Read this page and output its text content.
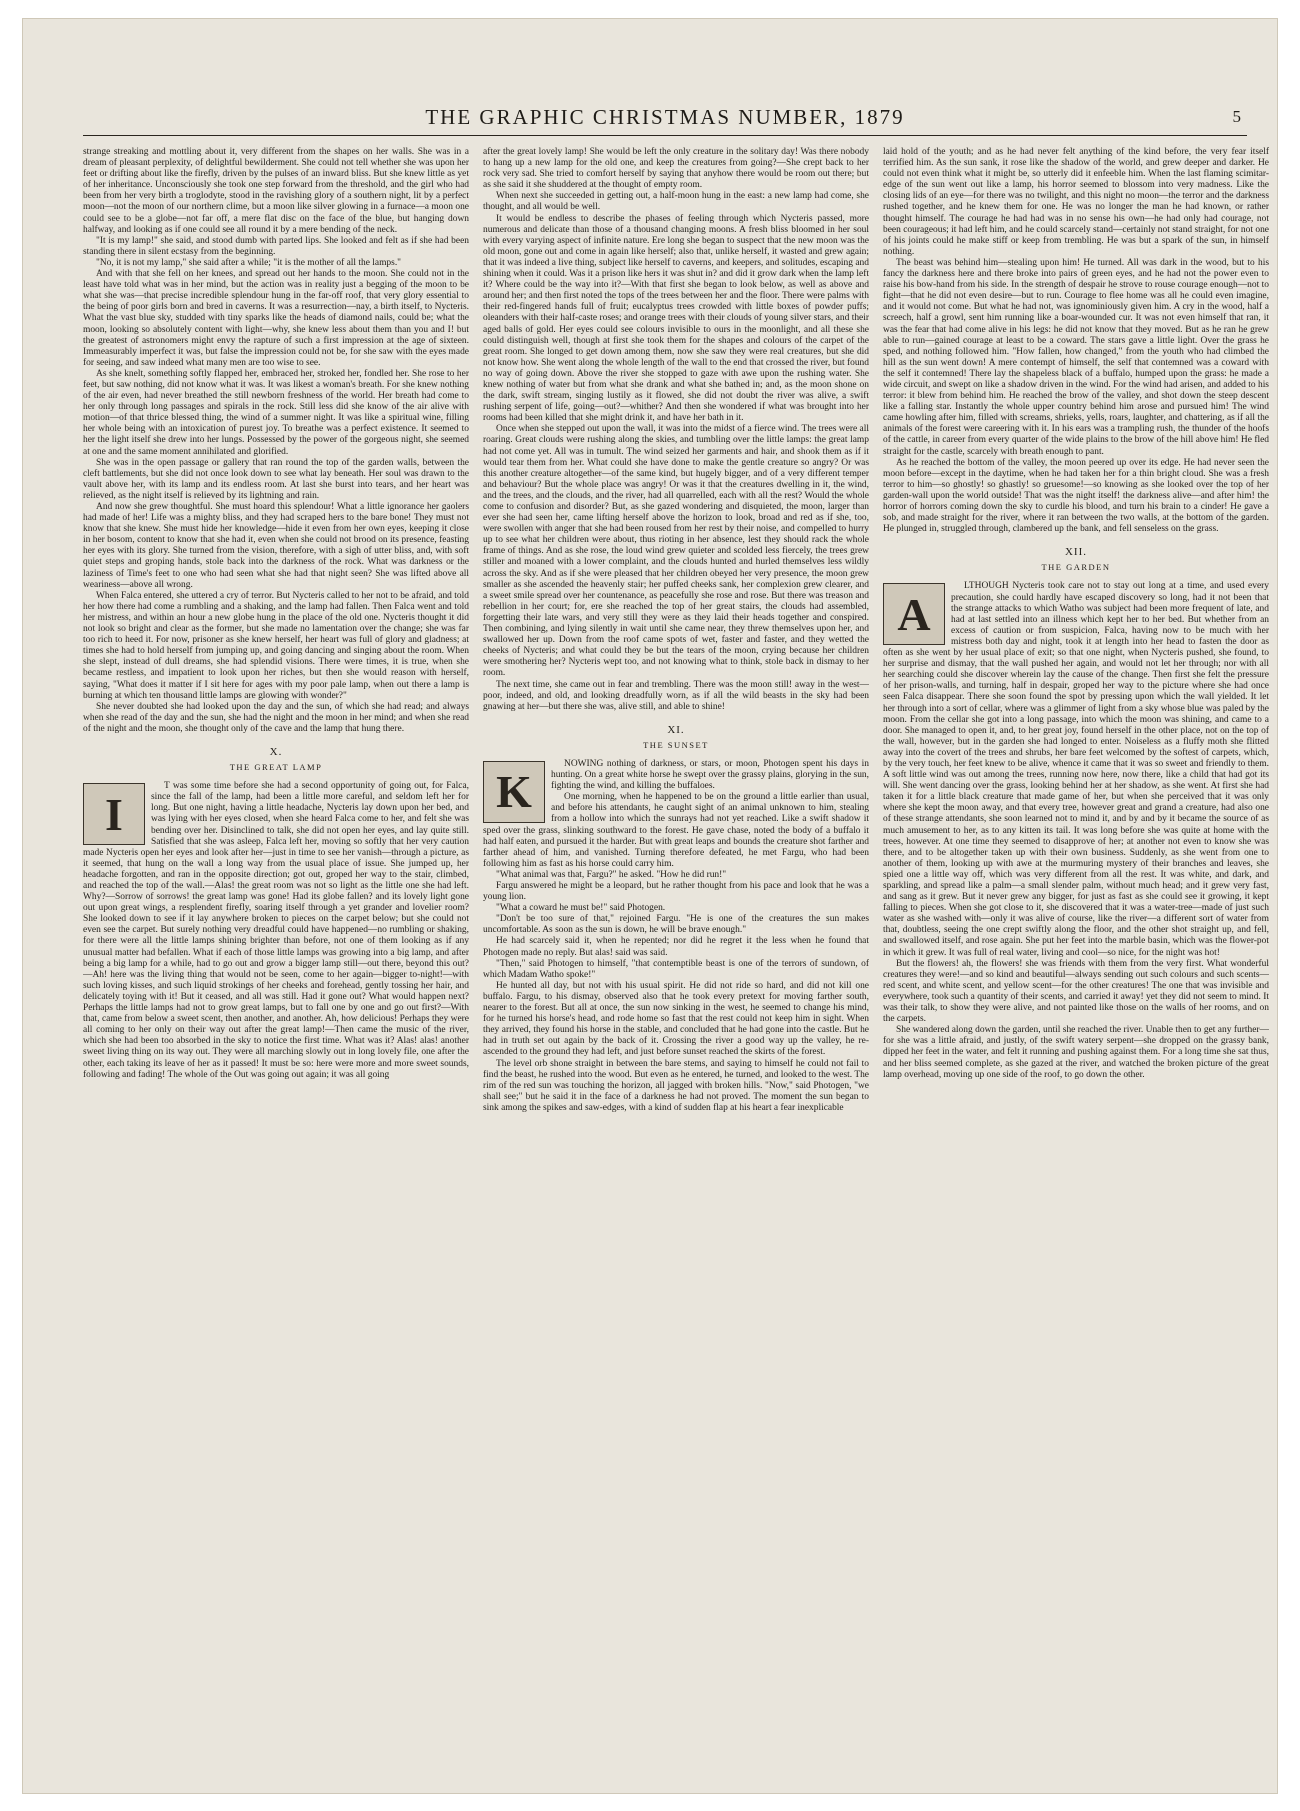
THE GRAPHIC CHRISTMAS NUMBER, 1879	5

strange streaking and mottling about it, very different from the shapes on her walls. She was in a dream of pleasant perplexity, of delightful bewilderment. She could not tell whether she was upon her feet or drifting about like the firefly, driven by the pulses of an inward bliss. But she knew little as yet of her inheritance. Unconsciously she took one step forward from the threshold, and the girl who had been from her very birth a troglodyte, stood in the ravishing glory of a southern night, lit by a perfect moon—not the moon of our northern clime, but a moon like silver glowing in a furnace—a moon one could see to be a globe—not far off, a mere flat disc on the face of the blue, but hanging down halfway, and looking as if one could see all round it by a mere bending of the neck.

"It is my lamp!" she said, and stood dumb with parted lips. She looked and felt as if she had been standing there in silent ecstasy from the beginning.

"No, it is not my lamp," she said after a while; "it is the mother of all the lamps."

And with that she fell on her knees, and spread out her hands to the moon. She could not in the least have told what was in her mind, but the action was in reality just a begging of the moon to be what she was—that precise incredible splendour hung in the far-off roof, that very glory essential to the being of poor girls born and bred in caverns. It was a resurrection—nay, a birth itself, to Nycteris. What the vast blue sky, studded with tiny sparks like the heads of diamond nails, could be; what the moon, looking so absolutely content with light—why, she knew less about them than you and I! but the greatest of astronomers might envy the rapture of such a first impression at the age of sixteen. Immeasurably imperfect it was, but false the impression could not be, for she saw with the eyes made for seeing, and saw indeed what many men are too wise to see.

As she knelt, something softly flapped her, embraced her, stroked her, fondled her. She rose to her feet, but saw nothing, did not know what it was. It was likest a woman's breath. For she knew nothing of the air even, had never breathed the still newborn freshness of the world. Her breath had come to her only through long passages and spirals in the rock. Still less did she know of the air alive with motion—of that thrice blessed thing, the wind of a summer night. It was like a spiritual wine, filling her whole being with an intoxication of purest joy. To breathe was a perfect existence. It seemed to her the light itself she drew into her lungs. Possessed by the power of the gorgeous night, she seemed at one and the same moment annihilated and glorified.

She was in the open passage or gallery that ran round the top of the garden walls, between the cleft battlements, but she did not once look down to see what lay beneath. Her soul was drawn to the vault above her, with its lamp and its endless room. At last she burst into tears, and her heart was relieved, as the night itself is relieved by its lightning and rain.

And now she grew thoughtful. She must hoard this splendour! What a little ignorance her gaolers had made of her! Life was a mighty bliss, and they had scraped hers to the bare bone! They must not know that she knew. She must hide her knowledge—hide it even from her own eyes, keeping it close in her bosom, content to know that she had it, even when she could not brood on its presence, feasting her eyes with its glory. She turned from the vision, therefore, with a sigh of utter bliss, and, with soft quiet steps and groping hands, stole back into the darkness of the rock. What was darkness or the laziness of Time's feet to one who had seen what she had that night seen? She was lifted above all weariness—above all wrong.

When Falca entered, she uttered a cry of terror. But Nycteris called to her not to be afraid, and told her how there had come a rumbling and a shaking, and the lamp had fallen. Then Falca went and told her mistress, and within an hour a new globe hung in the place of the old one. Nycteris thought it did not look so bright and clear as the former, but she made no lamentation over the change; she was far too rich to heed it. For now, prisoner as she knew herself, her heart was full of glory and gladness; at times she had to hold herself from jumping up, and going dancing and singing about the room. When she slept, instead of dull dreams, she had splendid visions. There were times, it is true, when she became restless, and impatient to look upon her riches, but then she would reason with herself, saying, "What does it matter if I sit here for ages with my poor pale lamp, when out there a lamp is burning at which ten thousand little lamps are glowing with wonder?"

She never doubted she had looked upon the day and the sun, of which she had read; and always when she read of the day and the sun, she had the night and the moon in her mind; and when she read of the night and the moon, she thought only of the cave and the lamp that hung there.

X.
THE GREAT LAMP
I

T was some time before she had a second opportunity of going out, for Falca, since the fall of the lamp, had been a little more careful, and seldom left her for long. But one night, having a little headache, Nycteris lay down upon her bed, and was lying with her eyes closed, when she heard Falca come to her, and felt she was bending over her. Disinclined to talk, she did not open her eyes, and lay quite still. Satisfied that she was asleep, Falca left her, moving so softly that her very caution made Nycteris open her eyes and look after her—just in time to see her vanish—through a picture, as it seemed, that hung on the wall a long way from the usual place of issue. She jumped up, her headache forgotten, and ran in the opposite direction; got out, groped her way to the stair, climbed, and reached the top of the wall.—Alas! the great room was not so light as the little one she had left. Why?—Sorrow of sorrows! the great lamp was gone! Had its globe fallen? and its lovely light gone out upon great wings, a resplendent firefly, soaring itself through a yet grander and lovelier room? She looked down to see if it lay anywhere broken to pieces on the carpet below; but she could not even see the carpet. But surely nothing very dreadful could have happened—no rumbling or shaking, for there were all the little lamps shining brighter than before, not one of them looking as if any unusual matter had befallen. What if each of those little lamps was growing into a big lamp, and after being a big lamp for a while, had to go out and grow a bigger lamp still—out there, beyond this out?—Ah! here was the living thing that would not be seen, come to her again—bigger to-night!—with such loving kisses, and such liquid strokings of her cheeks and forehead, gently tossing her hair, and delicately toying with it! But it ceased, and all was still. Had it gone out? What would happen next? Perhaps the little lamps had not to grow great lamps, but to fall one by one and go out first?—With that, came from below a sweet scent, then another, and another. Ah, how delicious! Perhaps they were all coming to her only on their way out after the great lamp!—Then came the music of the river, which she had been too absorbed in the sky to notice the first time. What was it? Alas! alas! another sweet living thing on its way out. They were all marching slowly out in long lovely file, one after the other, each taking its leave of her as it passed! It must be so: here were more and more sweet sounds, following and fading! The whole of the Out was going out again; it was all going

after the great lovely lamp! She would be left the only creature in the solitary day! Was there nobody to hang up a new lamp for the old one, and keep the creatures from going?—She crept back to her rock very sad. She tried to comfort herself by saying that anyhow there would be room out there; but as she said it she shuddered at the thought of empty room.

When next she succeeded in getting out, a half-moon hung in the east: a new lamp had come, she thought, and all would be well.

It would be endless to describe the phases of feeling through which Nycteris passed, more numerous and delicate than those of a thousand changing moons. A fresh bliss bloomed in her soul with every varying aspect of infinite nature. Ere long she began to suspect that the new moon was the old moon, gone out and come in again like herself; also that, unlike herself, it wasted and grew again; that it was indeed a live thing, subject like herself to caverns, and keepers, and solitudes, escaping and shining when it could. Was it a prison like hers it was shut in? and did it grow dark when the lamp left it? Where could be the way into it?—With that first she began to look below, as well as above and around her; and then first noted the tops of the trees between her and the floor. There were palms with their red-fingered hands full of fruit; eucalyptus trees crowded with little boxes of powder puffs; oleanders with their half-caste roses; and orange trees with their clouds of young silver stars, and their aged balls of gold. Her eyes could see colours invisible to ours in the moonlight, and all these she could distinguish well, though at first she took them for the shapes and colours of the carpet of the great room. She longed to get down among them, now she saw they were real creatures, but she did not know how. She went along the whole length of the wall to the end that crossed the river, but found no way of going down. Above the river she stopped to gaze with awe upon the rushing water. She knew nothing of water but from what she drank and what she bathed in; and, as the moon shone on the dark, swift stream, singing lustily as it flowed, she did not doubt the river was alive, a swift rushing serpent of life, going—out?—whither? And then she wondered if what was brought into her rooms had been killed that she might drink it, and have her bath in it.

Once when she stepped out upon the wall, it was into the midst of a fierce wind. The trees were all roaring. Great clouds were rushing along the skies, and tumbling over the little lamps: the great lamp had not come yet. All was in tumult. The wind seized her garments and hair, and shook them as if it would tear them from her. What could she have done to make the gentle creature so angry? Or was this another creature altogether—of the same kind, but hugely bigger, and of a very different temper and behaviour? But the whole place was angry! Or was it that the creatures dwelling in it, the wind, and the trees, and the clouds, and the river, had all quarrelled, each with all the rest? Would the whole come to confusion and disorder? But, as she gazed wondering and disquieted, the moon, larger than ever she had seen her, came lifting herself above the horizon to look, broad and red as if she, too, were swollen with anger that she had been roused from her rest by their noise, and compelled to hurry up to see what her children were about, thus rioting in her absence, lest they should rack the whole frame of things. And as she rose, the loud wind grew quieter and scolded less fiercely, the trees grew stiller and moaned with a lower complaint, and the clouds hunted and hurled themselves less wildly across the sky. And as if she were pleased that her children obeyed her very presence, the moon grew smaller as she ascended the heavenly stair; her puffed cheeks sank, her complexion grew clearer, and a sweet smile spread over her countenance, as peacefully she rose and rose. But there was treason and rebellion in her court; for, ere she reached the top of her great stairs, the clouds had assembled, forgetting their late wars, and very still they were as they laid their heads together and conspired. Then combining, and lying silently in wait until she came near, they threw themselves upon her, and swallowed her up. Down from the roof came spots of wet, faster and faster, and they wetted the cheeks of Nycteris; and what could they be but the tears of the moon, crying because her children were smothering her? Nycteris wept too, and not knowing what to think, stole back in dismay to her room.

The next time, she came out in fear and trembling. There was the moon still! away in the west—poor, indeed, and old, and looking dreadfully worn, as if all the wild beasts in the sky had been gnawing at her—but there she was, alive still, and able to shine!

XI.
THE SUNSET
K

NOWING nothing of darkness, or stars, or moon, Photogen spent his days in hunting. On a great white horse he swept over the grassy plains, glorying in the sun, fighting the wind, and killing the buffaloes.

One morning, when he happened to be on the ground a little earlier than usual, and before his attendants, he caught sight of an animal unknown to him, stealing from a hollow into which the sunrays had not yet reached. Like a swift shadow it sped over the grass, slinking southward to the forest. He gave chase, noted the body of a buffalo it had half eaten, and pursued it the harder. But with great leaps and bounds the creature shot farther and farther ahead of him, and vanished. Turning therefore defeated, he met Fargu, who had been following him as fast as his horse could carry him.

"What animal was that, Fargu?" he asked. "How he did run!"

Fargu answered he might be a leopard, but he rather thought from his pace and look that he was a young lion.

"What a coward he must be!" said Photogen.

"Don't be too sure of that," rejoined Fargu. "He is one of the creatures the sun makes uncomfortable. As soon as the sun is down, he will be brave enough."

He had scarcely said it, when he repented; nor did he regret it the less when he found that Photogen made no reply. But alas! said was said.

"Then," said Photogen to himself, "that contemptible beast is one of the terrors of sundown, of which Madam Watho spoke!"

He hunted all day, but not with his usual spirit. He did not ride so hard, and did not kill one buffalo. Fargu, to his dismay, observed also that he took every pretext for moving farther south, nearer to the forest. But all at once, the sun now sinking in the west, he seemed to change his mind, for he turned his horse's head, and rode home so fast that the rest could not keep him in sight. When they arrived, they found his horse in the stable, and concluded that he had gone into the castle. But he had in truth set out again by the back of it. Crossing the river a good way up the valley, he re-ascended to the ground they had left, and just before sunset reached the skirts of the forest.

The level orb shone straight in between the bare stems, and saying to himself he could not fail to find the beast, he rushed into the wood. But even as he entered, he turned, and looked to the west. The rim of the red sun was touching the horizon, all jagged with broken hills. "Now," said Photogen, "we shall see;" but he said it in the face of a darkness he had not proved. The moment the sun began to sink among the spikes and saw-edges, with a kind of sudden flap at his heart a fear inexplicable

laid hold of the youth; and as he had never felt anything of the kind before, the very fear itself terrified him. As the sun sank, it rose like the shadow of the world, and grew deeper and darker. He could not even think what it might be, so utterly did it enfeeble him. When the last flaming scimitar-edge of the sun went out like a lamp, his horror seemed to blossom into very madness. Like the closing lids of an eye—for there was no twilight, and this night no moon—the terror and the darkness rushed together, and he knew them for one. He was no longer the man he had known, or rather thought himself. The courage he had had was in no sense his own—he had only had courage, not been courageous; it had left him, and he could scarcely stand—certainly not stand straight, for not one of his joints could he make stiff or keep from trembling. He was but a spark of the sun, in himself nothing.

The beast was behind him—stealing upon him! He turned. All was dark in the wood, but to his fancy the darkness here and there broke into pairs of green eyes, and he had not the power even to raise his bow-hand from his side. In the strength of despair he strove to rouse courage enough—not to fight—that he did not even desire—but to run. Courage to flee home was all he could even imagine, and it would not come. But what he had not, was ignominiously given him. A cry in the wood, half a screech, half a growl, sent him running like a boar-wounded cur. It was not even himself that ran, it was the fear that had come alive in his legs: he did not know that they moved. But as he ran he grew able to run—gained courage at least to be a coward. The stars gave a little light. Over the grass he sped, and nothing followed him. "How fallen, how changed," from the youth who had climbed the hill as the sun went down! A mere contempt of himself, the self that contemned was a coward with the self it contemned! There lay the shapeless black of a buffalo, humped upon the grass: he made a wide circuit, and swept on like a shadow driven in the wind. For the wind had arisen, and added to his terror: it blew from behind him. He reached the brow of the valley, and shot down the steep descent like a falling star. Instantly the whole upper country behind him arose and pursued him! The wind came howling after him, filled with screams, shrieks, yells, roars, laughter, and chattering, as if all the animals of the forest were careering with it. In his ears was a trampling rush, the thunder of the hoofs of the cattle, in career from every quarter of the wide plains to the brow of the hill above him! He fled straight for the castle, scarcely with breath enough to pant.

As he reached the bottom of the valley, the moon peered up over its edge. He had never seen the moon before—except in the daytime, when he had taken her for a thin bright cloud. She was a fresh terror to him—so ghostly! so ghastly! so gruesome!—so knowing as she looked over the top of her garden-wall upon the world outside! That was the night itself! the darkness alive—and after him! the horror of horrors coming down the sky to curdle his blood, and turn his brain to a cinder! He gave a sob, and made straight for the river, where it ran between the two walls, at the bottom of the garden. He plunged in, struggled through, clambered up the bank, and fell senseless on the grass.

XII.
THE GARDEN
A

LTHOUGH Nycteris took care not to stay out long at a time, and used every precaution, she could hardly have escaped discovery so long, had it not been that the strange attacks to which Watho was subject had been more frequent of late, and had at last settled into an illness which kept her to her bed. But whether from an excess of caution or from suspicion, Falca, having now to be much with her mistress both day and night, took it at length into her head to fasten the door as often as she went by her usual place of exit; so that one night, when Nycteris pushed, she found, to her surprise and dismay, that the wall pushed her again, and would not let her through; nor with all her searching could she discover wherein lay the cause of the change. Then first she felt the pressure of her prison-walls, and turning, half in despair, groped her way to the picture where she had once seen Falca disappear. There she soon found the spot by pressing upon which the wall yielded. It let her through into a sort of cellar, where was a glimmer of light from a sky whose blue was paled by the moon. From the cellar she got into a long passage, into which the moon was shining, and came to a door. She managed to open it, and, to her great joy, found herself in the other place, not on the top of the wall, however, but in the garden she had longed to enter. Noiseless as a fluffy moth she flitted away into the covert of the trees and shrubs, her bare feet welcomed by the softest of carpets, which, by the very touch, her feet knew to be alive, whence it came that it was so sweet and friendly to them. A soft little wind was out among the trees, running now here, now there, like a child that had got its will. She went dancing over the grass, looking behind her at her shadow, as she went. At first she had taken it for a little black creature that made game of her, but when she perceived that it was only where she kept the moon away, and that every tree, however great and grand a creature, had also one of these strange attendants, she soon learned not to mind it, and by and by it became the source of as much amusement to her, as to any kitten its tail. It was long before she was quite at home with the trees, however. At one time they seemed to disapprove of her; at another not even to know she was there, and to be altogether taken up with their own business. Suddenly, as she went from one to another of them, looking up with awe at the murmuring mystery of their branches and leaves, she spied one a little way off, which was very different from all the rest. It was white, and dark, and sparkling, and spread like a palm—a small slender palm, without much head; and it grew very fast, and sang as it grew. But it never grew any bigger, for just as fast as she could see it growing, it kept falling to pieces. When she got close to it, she discovered that it was a water-tree—made of just such water as she washed with—only it was alive of course, like the river—a different sort of water from that, doubtless, seeing the one crept swiftly along the floor, and the other shot straight up, and fell, and swallowed itself, and rose again. She put her feet into the marble basin, which was the flower-pot in which it grew. It was full of real water, living and cool—so nice, for the night was hot!

But the flowers! ah, the flowers! she was friends with them from the very first. What wonderful creatures they were!—and so kind and beautiful—always sending out such colours and such scents—red scent, and white scent, and yellow scent—for the other creatures! The one that was invisible and everywhere, took such a quantity of their scents, and carried it away! yet they did not seem to mind. It was their talk, to show they were alive, and not painted like those on the walls of her rooms, and on the carpets.

She wandered along down the garden, until she reached the river. Unable then to get any further—for she was a little afraid, and justly, of the swift watery serpent—she dropped on the grassy bank, dipped her feet in the water, and felt it running and pushing against them. For a long time she sat thus, and her bliss seemed complete, as she gazed at the river, and watched the broken picture of the great lamp overhead, moving up one side of the roof, to go down the other.
